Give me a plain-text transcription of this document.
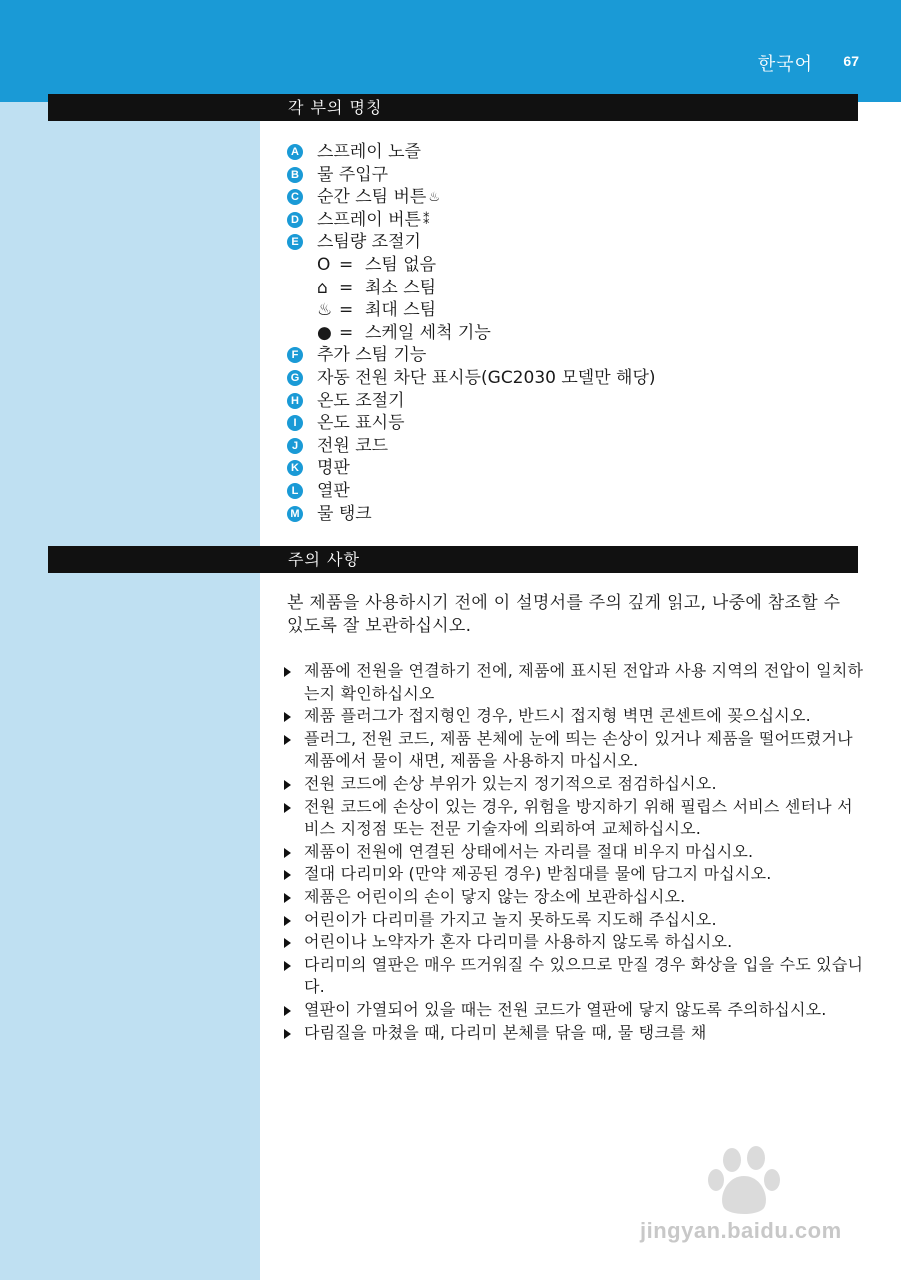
한국어 67
각 부의 명칭
A 스프레이 노즐
B 물 주입구
C 순간 스팀 버튼 ♨
D 스프레이 버튼 ⁑
E 스팀량 조절기
O = 스팀 없음
⌂ = 최소 스팀
♨ = 최대 스팀
● = 스케일 세척 기능
F 추가 스팀 기능
G 자동 전원 차단 표시등(GC2030 모델만 해당)
H 온도 조절기
I	온도 표시등
J 전원 코드
K 명판
L 열판
M 물 탱크
주의 사항

본 제품을 사용하시기 전에 이 설명서를 주의 깊게 읽고, 나중에 참조할 수 있도록 잘 보관하십시오.

제품에 전원을 연결하기 전에, 제품에 표시된 전압과 사용 지역의 전압이 일치하는지 확인하십시오
제품 플러그가 접지형인 경우, 반드시 접지형 벽면 콘센트에 꽂으십시오.
플러그, 전원 코드, 제품 본체에 눈에 띄는 손상이 있거나 제품을 떨어뜨렸거나 제품에서 물이 새면, 제품을 사용하지 마십시오.
전원 코드에 손상 부위가 있는지 정기적으로 점검하십시오.
전원 코드에 손상이 있는 경우, 위험을 방지하기 위해 필립스 서비스 센터나 서비스 지정점 또는 전문 기술자에 의뢰하여 교체하십시오.
제품이 전원에 연결된 상태에서는 자리를 절대 비우지 마십시오.
절대 다리미와 (만약 제공된 경우) 받침대를 물에 담그지 마십시오.
제품은 어린이의 손이 닿지 않는 장소에 보관하십시오.
어린이가 다리미를 가지고 놀지 못하도록 지도해 주십시오.
어린이나 노약자가 혼자 다리미를 사용하지 않도록 하십시오.
다리미의 열판은 매우 뜨거워질 수 있으므로 만질 경우 화상을 입을 수도 있습니다.
열판이 가열되어 있을 때는 전원 코드가 열판에 닿지 않도록 주의하십시오.
다림질을 마쳤을 때, 다리미 본체를 닦을 때, 물 탱크를 채
jingyan.baidu.com
